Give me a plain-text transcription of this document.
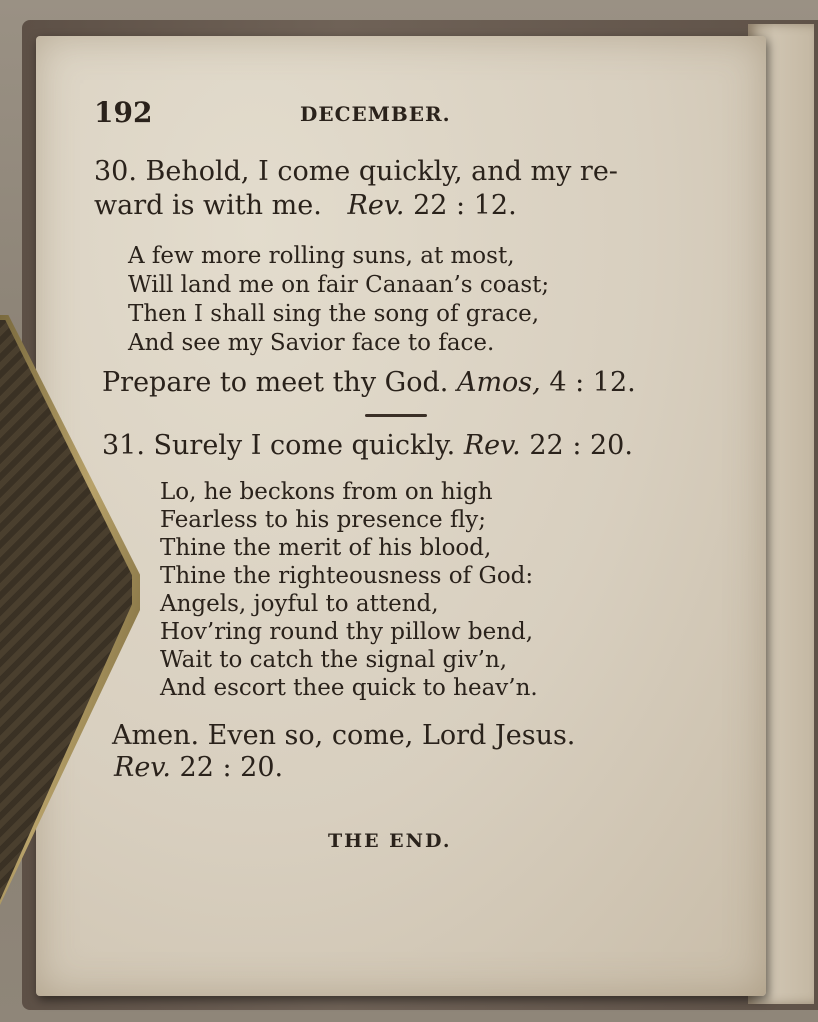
192	DECEMBER.
30. Behold, I come quickly, and my re-
ward is with me. Rev. 22 : 12.
A few more rolling suns, at most,
Will land me on fair Canaan’s coast;
Then I shall sing the song of grace,
And see my Savior face to face.
Prepare to meet thy God. Amos, 4 : 12.
31. Surely I come quickly. Rev. 22 : 20.
Lo, he beckons from on high
Fearless to his presence fly;
Thine the merit of his blood,
Thine the righteousness of God:
Angels, joyful to attend,
Hov’ring round thy pillow bend,
Wait to catch the signal giv’n,
And escort thee quick to heav’n.
Amen. Even so, come, Lord Jesus.
Rev. 22 : 20.
THE END.
